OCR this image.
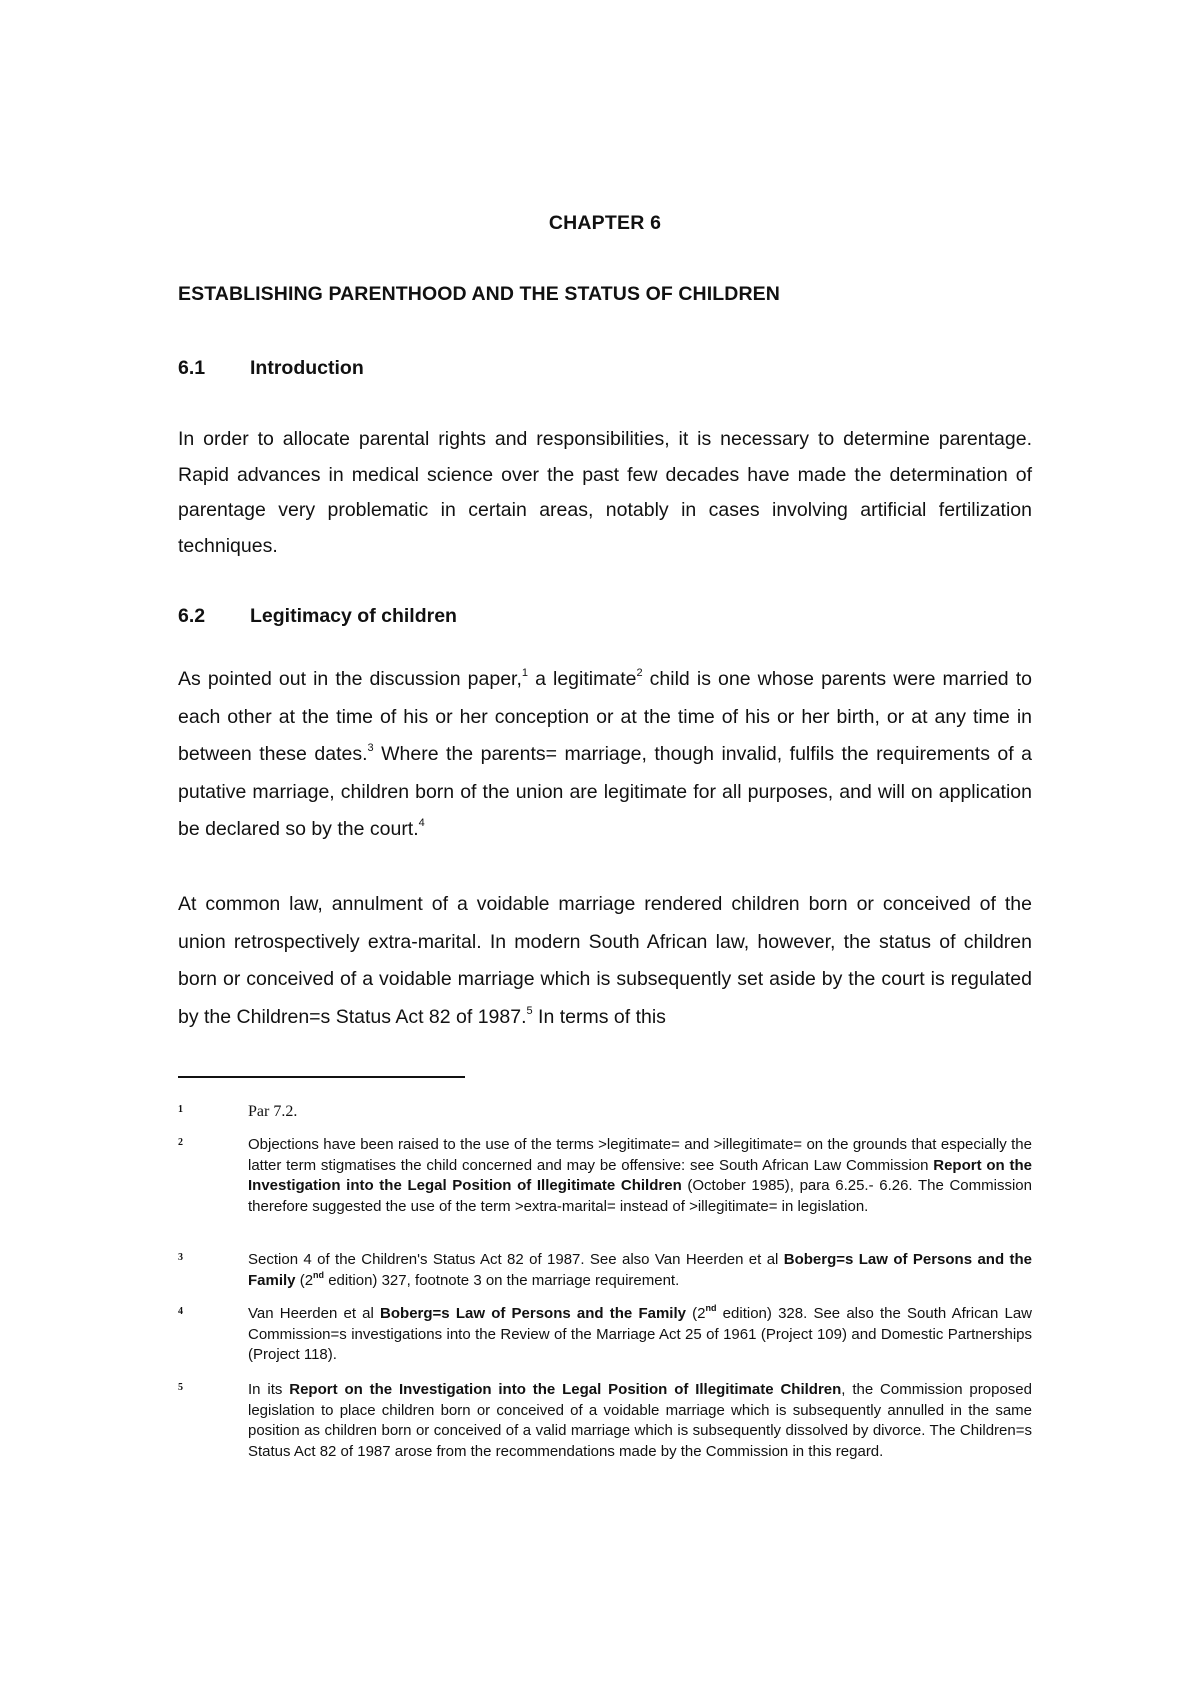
CHAPTER 6
ESTABLISHING PARENTHOOD AND THE STATUS OF CHILDREN
6.1 Introduction
In order to allocate parental rights and responsibilities, it is necessary to determine parentage. Rapid advances in medical science over the past few decades have made the determination of parentage very problematic in certain areas, notably in cases involving artificial fertilization techniques.
6.2 Legitimacy of children
As pointed out in the discussion paper,$^1$ a legitimate$^2$ child is one whose parents were married to each other at the time of his or her conception or at the time of his or her birth, or at any time in between these dates.$^3$ Where the parents= marriage, though invalid, fulfils the requirements of a putative marriage, children born of the union are legitimate for all purposes, and will on application be declared so by the court.$^4$
At common law, annulment of a voidable marriage rendered children born or conceived of the union retrospectively extra-marital. In modern South African law, however, the status of children born or conceived of a voidable marriage which is subsequently set aside by the court is regulated by the Children=s Status Act 82 of 1987.$^5$ In terms of this
1	Par 7.2.
2	Objections have been raised to the use of the terms >legitimate= and >illegitimate= on the grounds that especially the latter term stigmatises the child concerned and may be offensive: see South African Law Commission Report on the Investigation into the Legal Position of Illegitimate Children (October 1985), para 6.25.- 6.26. The Commission therefore suggested the use of the term >extra-marital= instead of >illegitimate= in legislation.
3	Section 4 of the Children's Status Act 82 of 1987. See also Van Heerden et al Boberg=s Law of Persons and the Family (2nd edition) 327, footnote 3 on the marriage requirement.
4	Van Heerden et al Boberg=s Law of Persons and the Family (2nd edition) 328. See also the South African Law Commission=s investigations into the Review of the Marriage Act 25 of 1961 (Project 109) and Domestic Partnerships (Project 118).
5	In its Report on the Investigation into the Legal Position of Illegitimate Children, the Commission proposed legislation to place children born or conceived of a voidable marriage which is subsequently annulled in the same position as children born or conceived of a valid marriage which is subsequently dissolved by divorce. The Children=s Status Act 82 of 1987 arose from the recommendations made by the Commission in this regard.
